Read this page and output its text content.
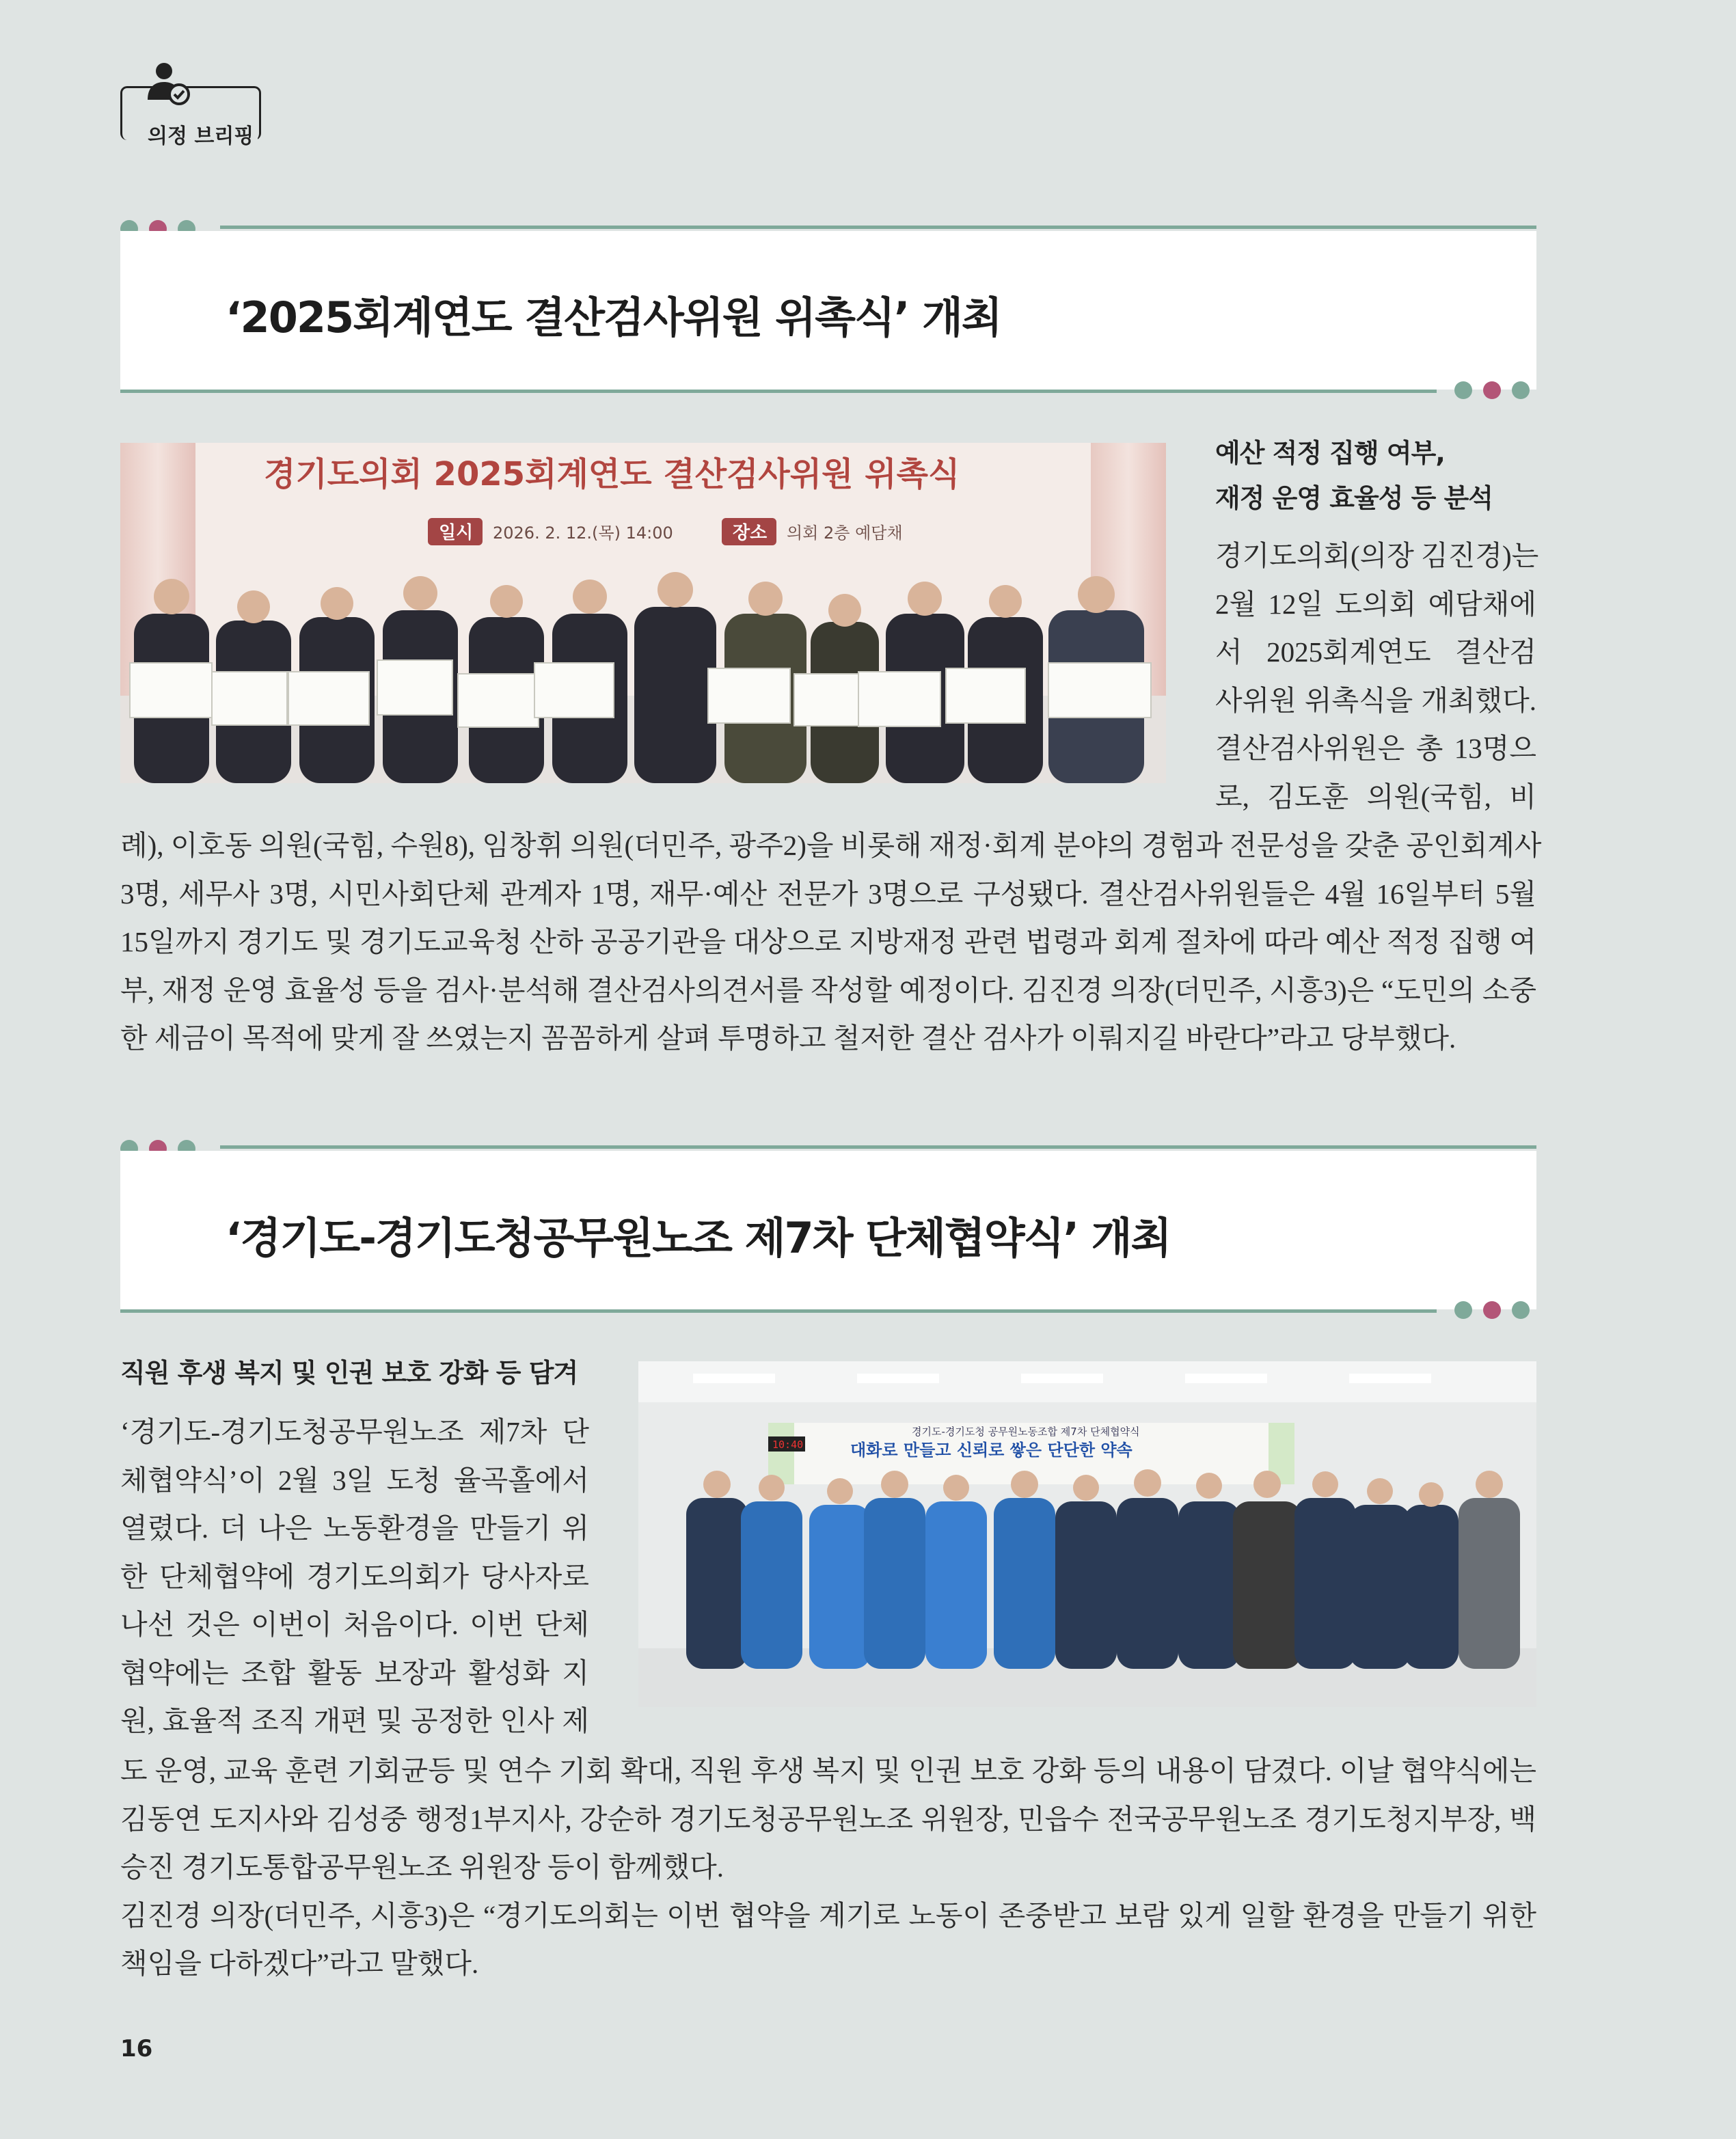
의정 브리핑
‘2025회계연도 결산검사위원 위촉식’ 개최
경기도의회 2025회계연도 결산검사위원 위촉식
일시 2026. 2. 12.(목) 14:00	장소 의회 2층 예담채
예산 적정 집행 여부,
재정 운영 효율성 등 분석
경기도의회(의장 김진경)는
2월 12일 도의회 예담채에
서 2025회계연도 결산검
사위원 위촉식을 개최했다.
결산검사위원은 총 13명으
로, 김도훈 의원(국힘, 비
례), 이호동 의원(국힘, 수원8), 임창휘 의원(더민주, 광주2)을 비롯해 재정·회계 분야의 경험과 전문성을 갖춘 공인회계사
3명, 세무사 3명, 시민사회단체 관계자 1명, 재무·예산 전문가 3명으로 구성됐다. 결산검사위원들은 4월 16일부터 5월
15일까지 경기도 및 경기도교육청 산하 공공기관을 대상으로 지방재정 관련 법령과 회계 절차에 따라 예산 적정 집행 여
부, 재정 운영 효율성 등을 검사·분석해 결산검사의견서를 작성할 예정이다. 김진경 의장(더민주, 시흥3)은 “도민의 소중
한 세금이 목적에 맞게 잘 쓰였는지 꼼꼼하게 살펴 투명하고 철저한 결산 검사가 이뤄지길 바란다”라고 당부했다.
‘경기도-경기도청공무원노조 제7차 단체협약식’ 개최
직원 후생 복지 및 인권 보호 강화 등 담겨
경기도-경기도청 공무원노동조합 제7차 단체협약식
대화로 만들고 신뢰로 쌓은 단단한 약속
10:40
‘경기도-경기도청공무원노조 제7차 단
체협약식’이 2월 3일 도청 율곡홀에서
열렸다. 더 나은 노동환경을 만들기 위
한 단체협약에 경기도의회가 당사자로
나선 것은 이번이 처음이다. 이번 단체
협약에는 조합 활동 보장과 활성화 지
원, 효율적 조직 개편 및 공정한 인사 제
도 운영, 교육 훈련 기회균등 및 연수 기회 확대, 직원 후생 복지 및 인권 보호 강화 등의 내용이 담겼다. 이날 협약식에는
김동연 도지사와 김성중 행정1부지사, 강순하 경기도청공무원노조 위원장, 민읍수 전국공무원노조 경기도청지부장, 백
승진 경기도통합공무원노조 위원장 등이 함께했다.
김진경 의장(더민주, 시흥3)은 “경기도의회는 이번 협약을 계기로 노동이 존중받고 보람 있게 일할 환경을 만들기 위한
책임을 다하겠다”라고 말했다.
16
